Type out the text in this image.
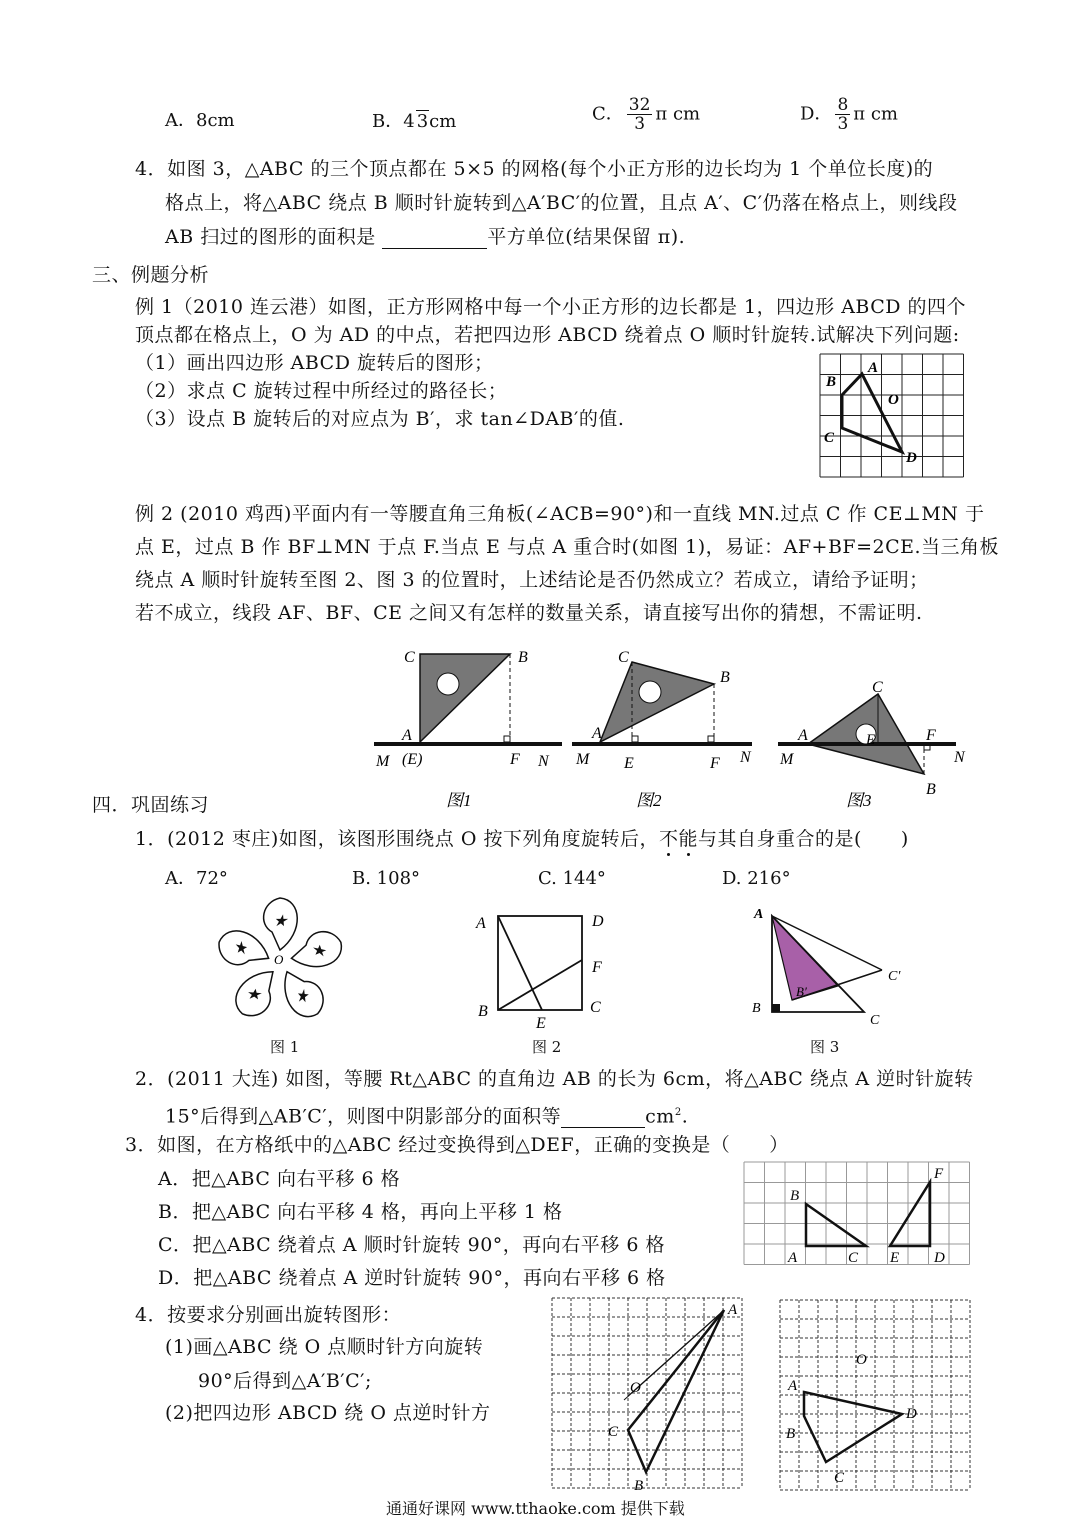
A．8cm	B．4 3cm	C． $\frac{32}{3}$ π cm	D． $\frac{8}{3}$ π cm
4．如图 3，△ABC 的三个顶点都在 5×5 的网格(每个小正方形的边长均为 1 个单位长度)的
格点上，将△ABC 绕点 B 顺时针旋转到△A′BC′的位置，且点 A′、C′仍落在格点上，则线段
AB 扫过的图形的面积是	平方单位(结果保留 π).
三、例题分析
例 1（2010 连云港）如图，正方形网格中每一个小正方形的边长都是 1，四边形 ABCD 的四个
顶点都在格点上，O 为 AD 的中点，若把四边形 ABCD 绕着点 O 顺时针旋转.试解决下列问题:
（1）画出四边形 ABCD 旋转后的图形；
（2）求点 C 旋转过程中所经过的路径长；
（3）设点 B 旋转后的对应点为 B′，求 tan∠DAB′的值.
B
A
O
C
D
例 2 (2010 鸡西)平面内有一等腰直角三角板(∠ACB=90°)和一直线 MN.过点 C 作 CE⊥MN 于
点 E，过点 B 作 BF⊥MN 于点 F.当点 E 与点 A 重合时(如图 1)，易证：AF+BF=2CE.当三角板
绕点 A 顺时针旋转至图 2、图 3 的位置时，上述结论是否仍然成立？若成立，请给予证明；
若不成立，线段 AF、BF、CE 之间又有怎样的数量关系，请直接写出你的猜想，不需证明.
C	B
A
M (E)	F N
图1
C
B
A
M E	F N
图2
C
A	E	F
M	N
B
图3
四．巩固练习
1．(2012 枣庄)如图，该图形围绕点 O 按下列角度旋转后，不能与其自身重合的是(　　)
A．72°	B. 108°	C. 144°	D. 216°
★
★
★
★
★
O
图 1
A	D
F
C
B
E
图 2
A
B
C
B′
C′
图 3
2．(2011 大连) 如图，等腰 Rt△ABC 的直角边 AB 的长为 6cm，将△ABC 绕点 A 逆时针旋转
15°后得到△AB′C′，则图中阴影部分的面积等	$cm^2$.
3．如图，在方格纸中的△ABC 经过变换得到△DEF，正确的变换是（　　）
A．把△ABC 向右平移 6 格
B．把△ABC 向右平移 4 格，再向上平移 1 格
C．把△ABC 绕着点 A 顺时针旋转 90°，再向右平移 6 格
D．把△ABC 绕着点 A 逆时针旋转 90°，再向右平移 6 格
B
A	C E D
F
4．按要求分别画出旋转图形：
(1)画△ABC 绕 O 点顺时针方向旋转
90°后得到△A′B′C′;
(2)把四边形 ABCD 绕 O 点逆时针方
A
O
C
B
O
A
D
B
C
通通好课网 www.tthaoke.com 提供下载
